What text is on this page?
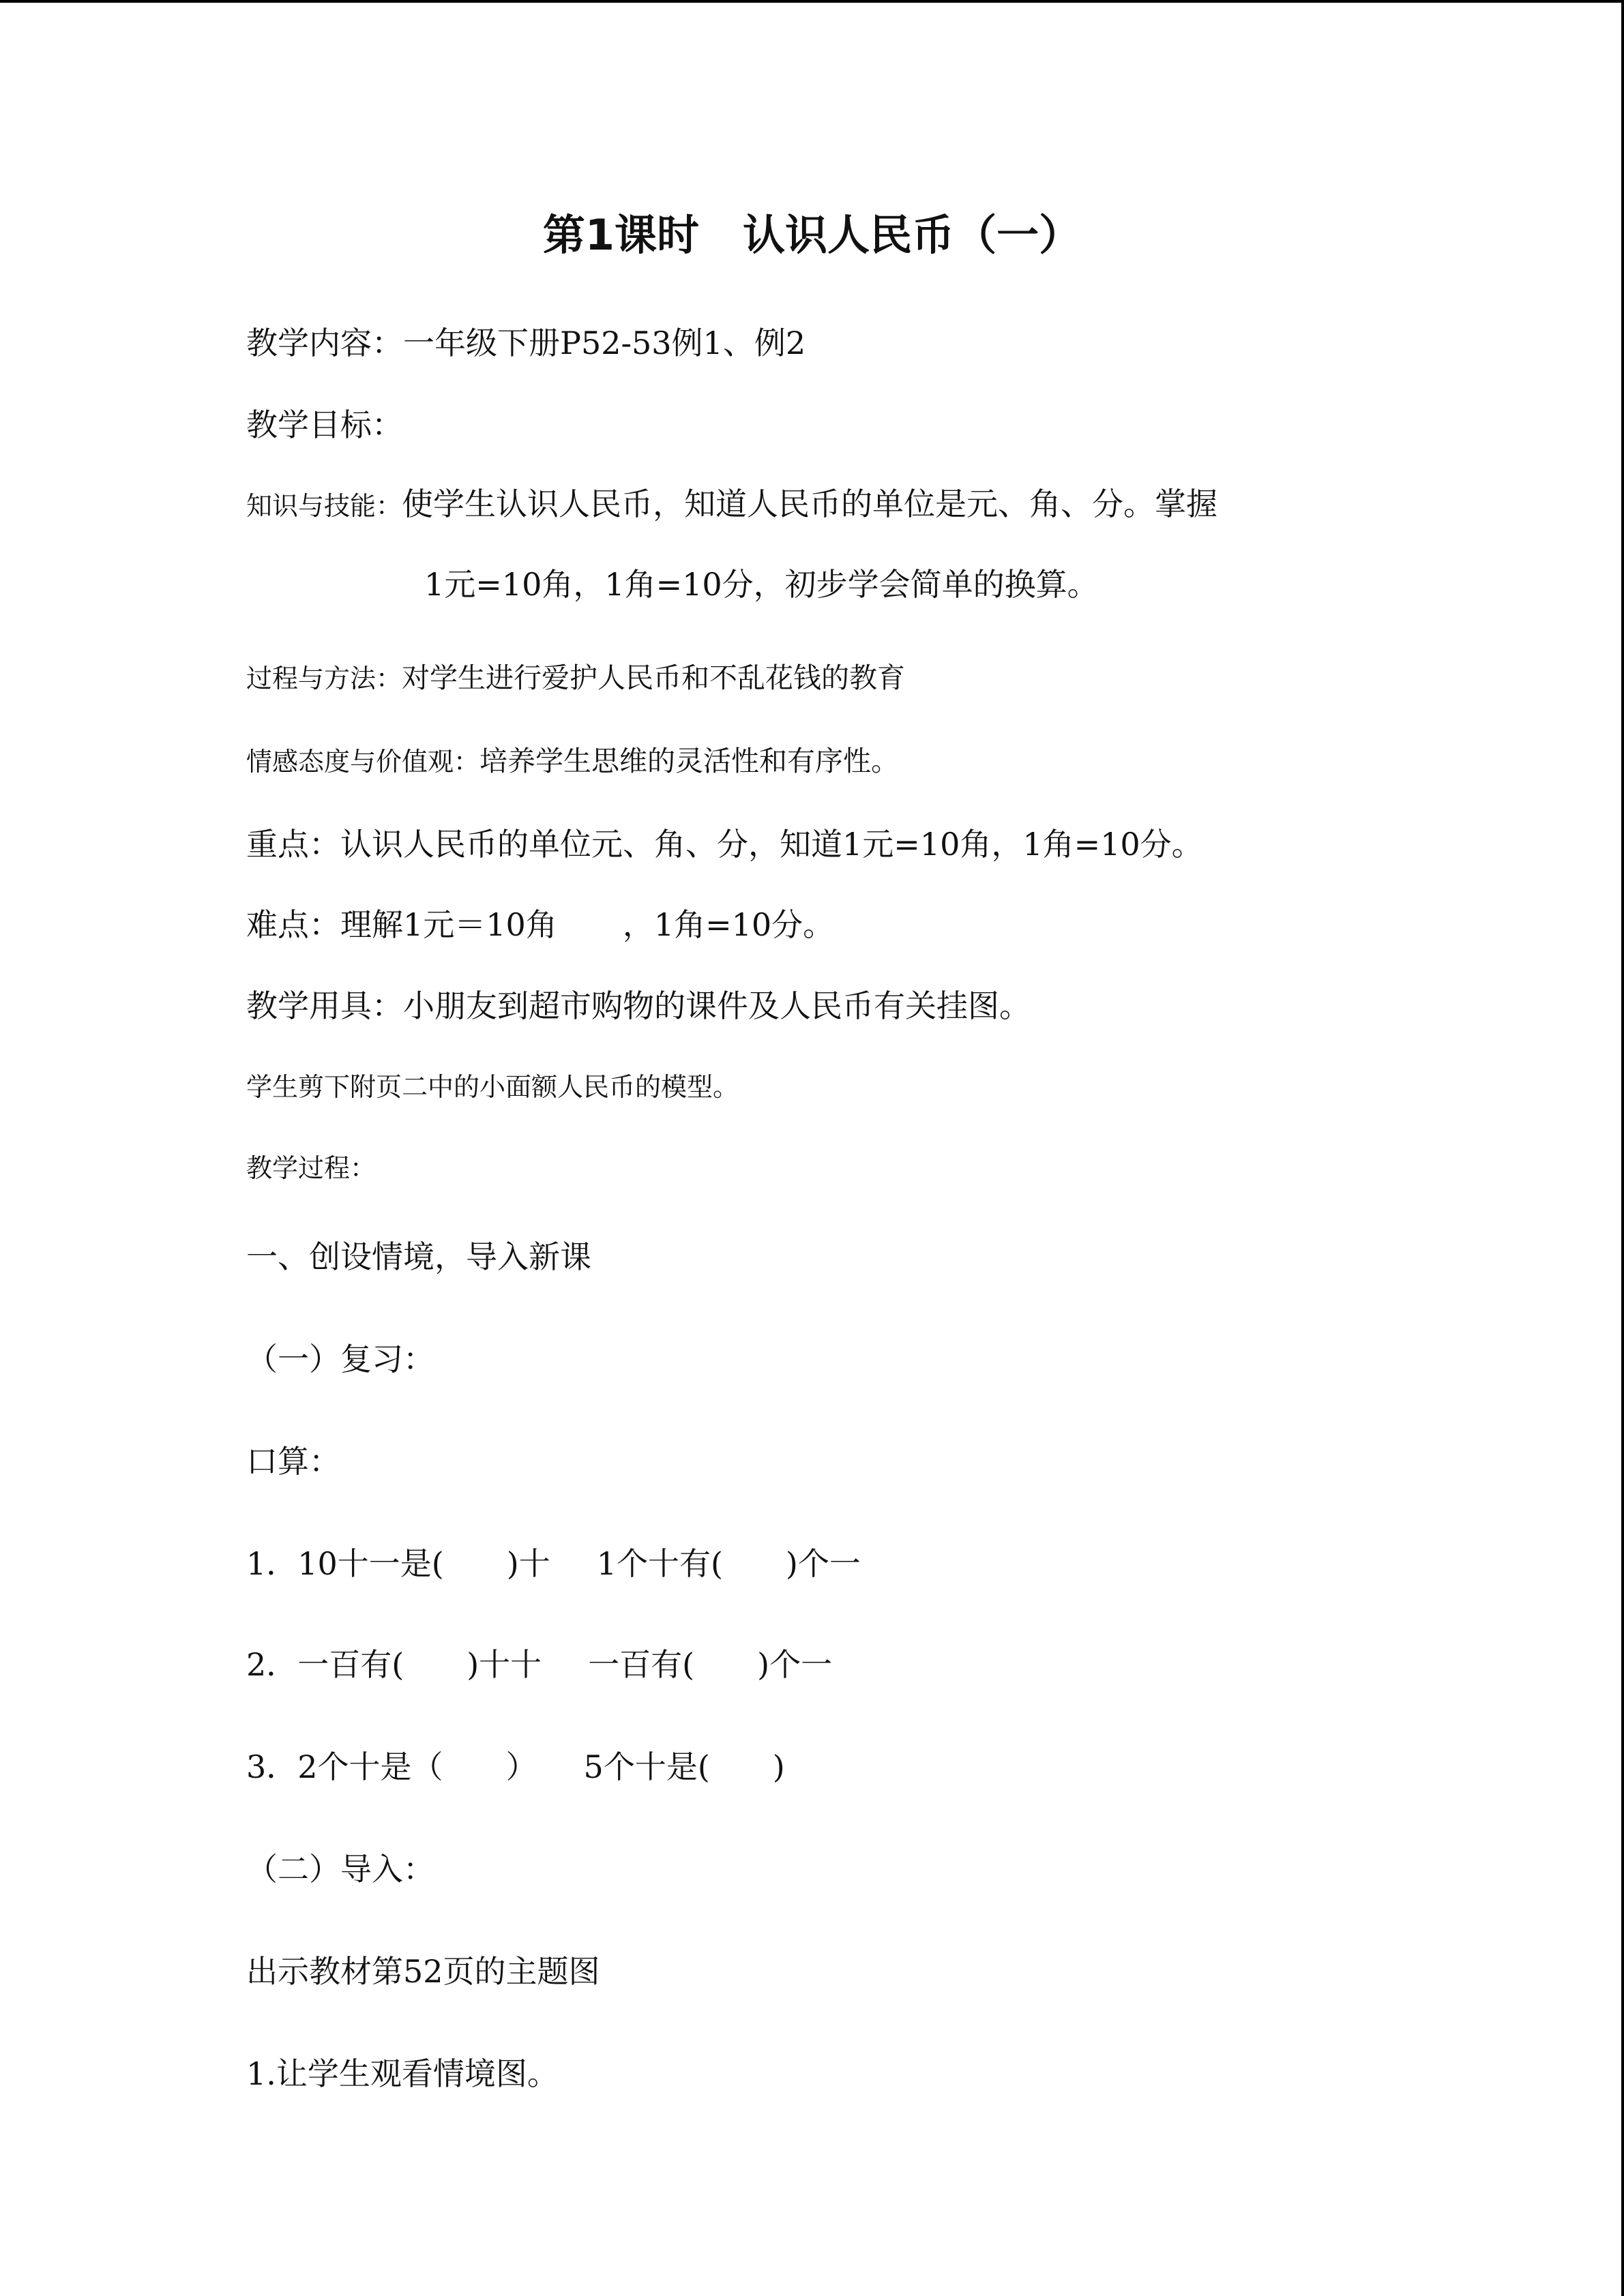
第1课时 认识人民币（一）
教学内容：一年级下册P52-53例1、例2
教学目标：
知识与技能：使学生认识人民币，知道人民币的单位是元、角、分。掌握
1元=10角，1角=10分，初步学会简单的换算。
过程与方法：对学生进行爱护人民币和不乱花钱的教育
情感态度与价值观：培养学生思维的灵活性和有序性。
重点：认识人民币的单位元、角、分，知道1元=10角，1角=10分。
难点：理解1元＝10角 ，1角=10分。
教学用具：小朋友到超市购物的课件及人民币有关挂图。
学生剪下附页二中的小面额人民币的模型。
教学过程：
一、创设情境，导入新课
（一）复习：
口算：
1．10十一是(　　)十 1个十有(　　)个一
2．一百有(　　)十十 一百有(　　)个一
3．2个十是（　　） 5个十是(　　)
（二）导入：
出示教材第52页的主题图
1.让学生观看情境图。
